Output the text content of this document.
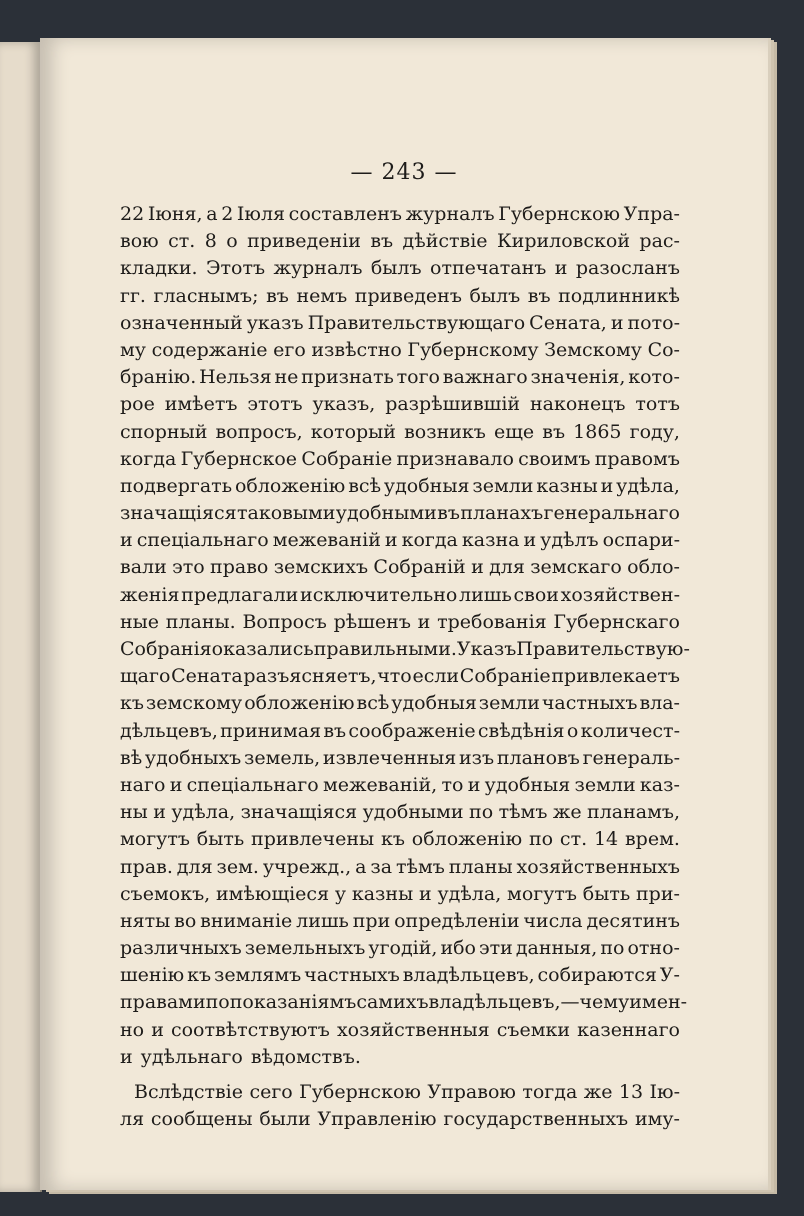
— 243 —
22 Іюня, а 2 Іюля составленъ журналъ Губернскою Упра-
вою ст. 8 о приведеніи въ дѣйствіе Кириловской рас-
кладки. Этотъ журналъ былъ отпечатанъ и разосланъ
гг. гласнымъ; въ немъ приведенъ былъ въ подлинникѣ
означенный указъ Правительствующаго Сената, и пото-
му содержаніе его извѣстно Губернскому Земскому Со-
бранію. Нельзя не признать того важнаго значенія, кото-
рое имѣетъ этотъ указъ, разрѣшившій наконецъ тотъ
спорный вопросъ, который возникъ еще въ 1865 году,
когда Губернское Собраніе признавало своимъ правомъ
подвергать обложенію всѣ удобныя земли казны и удѣла,
значащіяся таковыми удобными въ планахъ генеральнаго
и спеціальнаго межеваній и когда казна и удѣлъ оспари-
вали это право земскихъ Собраній и для земскаго обло-
женія предлагали исключительно лишь свои хозяйствен-
ные планы. Вопросъ рѣшенъ и требованія Губернскаго
Собранія оказались правильными. Указъ Правительствую-
щаго Сената разъясняетъ, что если Собраніе привлекаетъ
къ земскому обложенію всѣ удобныя земли частныхъ вла-
дѣльцевъ, принимая въ соображеніе свѣдѣнія о количест-
вѣ удобныхъ земель, извлеченныя изъ плановъ генераль-
наго и спеціальнаго межеваній, то и удобныя земли каз-
ны и удѣла, значащіяся удобными по тѣмъ же планамъ,
могутъ быть привлечены къ обложенію по ст. 14 врем.
прав. для зем. учрежд., а за тѣмъ планы хозяйственныхъ
съемокъ, имѣющіеся у казны и удѣла, могутъ быть при-
няты во вниманіе лишь при опредѣленіи числа десятинъ
различныхъ земельныхъ угодій, ибо эти данныя, по отно-
шенію къ землямъ частныхъ владѣльцевъ, собираются У-
правами по показаніямъ самихъ владѣльцевъ,—чему имен-
но и соотвѣтствуютъ хозяйственныя съемки казеннаго
и удѣльнаго вѣдомствъ.
Вслѣдствіе сего Губернскою Управою тогда же 13 Ію-
ля сообщены были Управленію государственныхъ иму-
